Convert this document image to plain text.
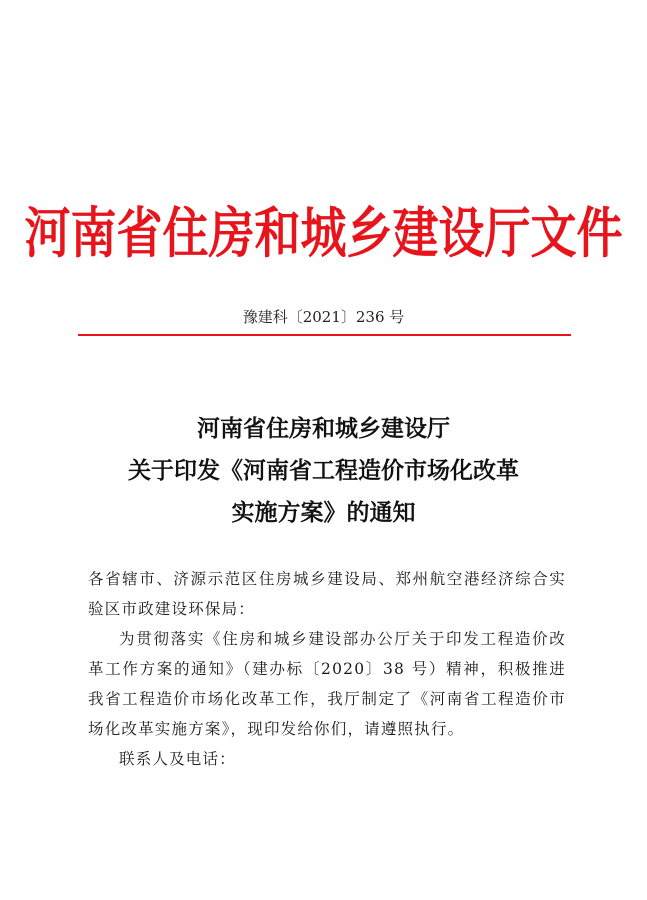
河南省住房和城乡建设厅文件
豫建科〔2021〕236 号
河南省住房和城乡建设厅
关于印发《河南省工程造价市场化改革
实施方案》的通知

各省辖市、济源示范区住房城乡建设局、郑州航空港经济综合实验区市政建设环保局：

为贯彻落实《住房和城乡建设部办公厅关于印发工程造价改革工作方案的通知》（建办标〔2020〕38 号）精神，积极推进我省工程造价市场化改革工作，我厅制定了《河南省工程造价市场化改革实施方案》，现印发给你们，请遵照执行。

联系人及电话：
